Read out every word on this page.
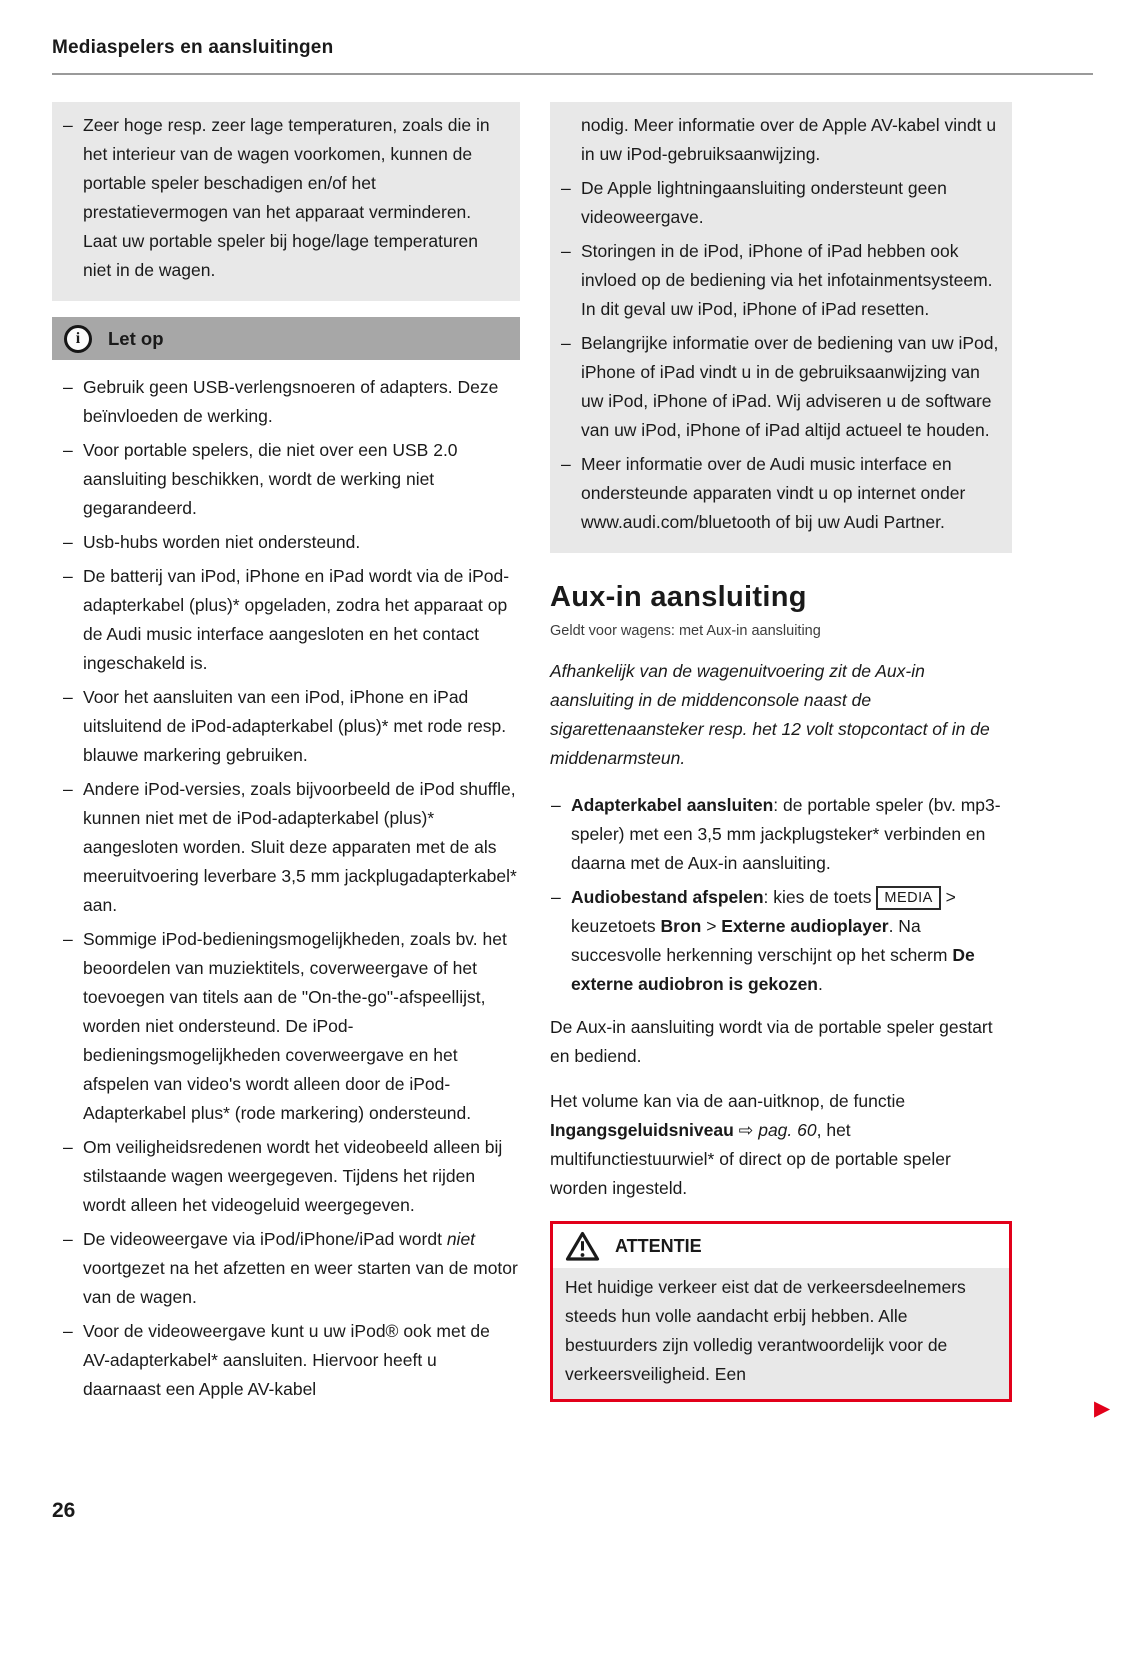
Mediaspelers en aansluitingen
– Zeer hoge resp. zeer lage temperaturen, zoals die in het interieur van de wagen voorkomen, kunnen de portable speler beschadigen en/of het prestatievermogen van het apparaat verminderen. Laat uw portable speler bij hoge/lage temperaturen niet in de wagen.
i	Let op
– Gebruik geen USB-verlengsnoeren of adapters. Deze beïnvloeden de werking.
– Voor portable spelers, die niet over een USB 2.0 aansluiting beschikken, wordt de werking niet gegarandeerd.
– Usb-hubs worden niet ondersteund.
– De batterij van iPod, iPhone en iPad wordt via de iPod-adapterkabel (plus)* opgeladen, zodra het apparaat op de Audi music interface aangesloten en het contact ingeschakeld is.
– Voor het aansluiten van een iPod, iPhone en iPad uitsluitend de iPod-adapterkabel (plus)* met rode resp. blauwe markering gebruiken.
– Andere iPod-versies, zoals bijvoorbeeld de iPod shuffle, kunnen niet met de iPod-adapterkabel (plus)* aangesloten worden. Sluit deze apparaten met de als meeruitvoering leverbare 3,5 mm jackplugadapterkabel* aan.
– Sommige iPod-bedieningsmogelijkheden, zoals bv. het beoordelen van muziektitels, coverweergave of het toevoegen van titels aan de "On-the-go"-afspeellijst, worden niet ondersteund. De iPod-bedieningsmogelijkheden coverweergave en het afspelen van video's wordt alleen door de iPod-Adapterkabel plus* (rode markering) ondersteund.
– Om veiligheidsredenen wordt het videobeeld alleen bij stilstaande wagen weergegeven. Tijdens het rijden wordt alleen het videogeluid weergegeven.
– De videoweergave via iPod/iPhone/iPad wordt niet voortgezet na het afzetten en weer starten van de motor van de wagen.
– Voor de videoweergave kunt u uw iPod® ook met de AV-adapterkabel* aansluiten. Hiervoor heeft u daarnaast een Apple AV-kabel

nodig. Meer informatie over de Apple AV-kabel vindt u in uw iPod-gebruiksaanwijzing.

– De Apple lightningaansluiting ondersteunt geen videoweergave.
– Storingen in de iPod, iPhone of iPad hebben ook invloed op de bediening via het infotainmentsysteem. In dit geval uw iPod, iPhone of iPad resetten.
– Belangrijke informatie over de bediening van uw iPod, iPhone of iPad vindt u in de gebruiksaanwijzing van uw iPod, iPhone of iPad. Wij adviseren u de software van uw iPod, iPhone of iPad altijd actueel te houden.
– Meer informatie over de Audi music interface en ondersteunde apparaten vindt u op internet onder www.audi.com/bluetooth of bij uw Audi Partner.
Aux-in aansluiting

Geldt voor wagens: met Aux-in aansluiting

Afhankelijk van de wagenuitvoering zit de Aux-in aansluiting in de middenconsole naast de sigarettenaansteker resp. het 12 volt stopcontact of in de middenarmsteun.

– Adapterkabel aansluiten: de portable speler (bv. mp3-speler) met een 3,5 mm jackplugsteker* verbinden en daarna met de Aux-in aansluiting.
– Audiobestand afspelen: kies de toets MEDIA > keuzetoets Bron > Externe audioplayer. Na succesvolle herkenning verschijnt op het scherm De externe audiobron is gekozen.

De Aux-in aansluiting wordt via de portable speler gestart en bediend.

Het volume kan via de aan-uitknop, de functie Ingangsgeluidsniveau ⇨ pag. 60, het multifunctiestuurwiel* of direct op de portable speler worden ingesteld.

ATTENTIE
Het huidige verkeer eist dat de verkeersdeelnemers steeds hun volle aandacht erbij hebben. Alle bestuurders zijn volledig verantwoordelijk voor de verkeersveiligheid. Een
▶
26
